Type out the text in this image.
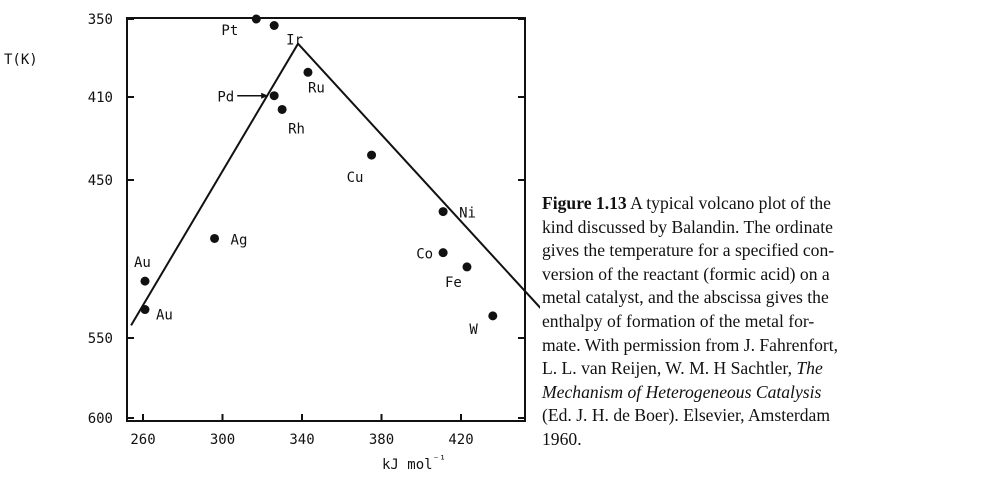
350
410
450
550
600
260	300	340	380	420
Pt
Ir
Ru
Pd
Rh
Cu
Ni
Ag
Co
Fe
Au
Au
W
T(K)
kJ mol$^{^{-1}}$
Figure 1.13 A typical volcano plot of the
kind discussed by Balandin. The ordinate
gives the temperature for a specified con-
version of the reactant (formic acid) on a
metal catalyst, and the abscissa gives the
enthalpy of formation of the metal for-
mate. With permission from J. Fahrenfort,
L. L. van Reijen, W. M. H Sachtler, The
Mechanism of Heterogeneous Catalysis
(Ed. J. H. de Boer). Elsevier, Amsterdam
1960.
